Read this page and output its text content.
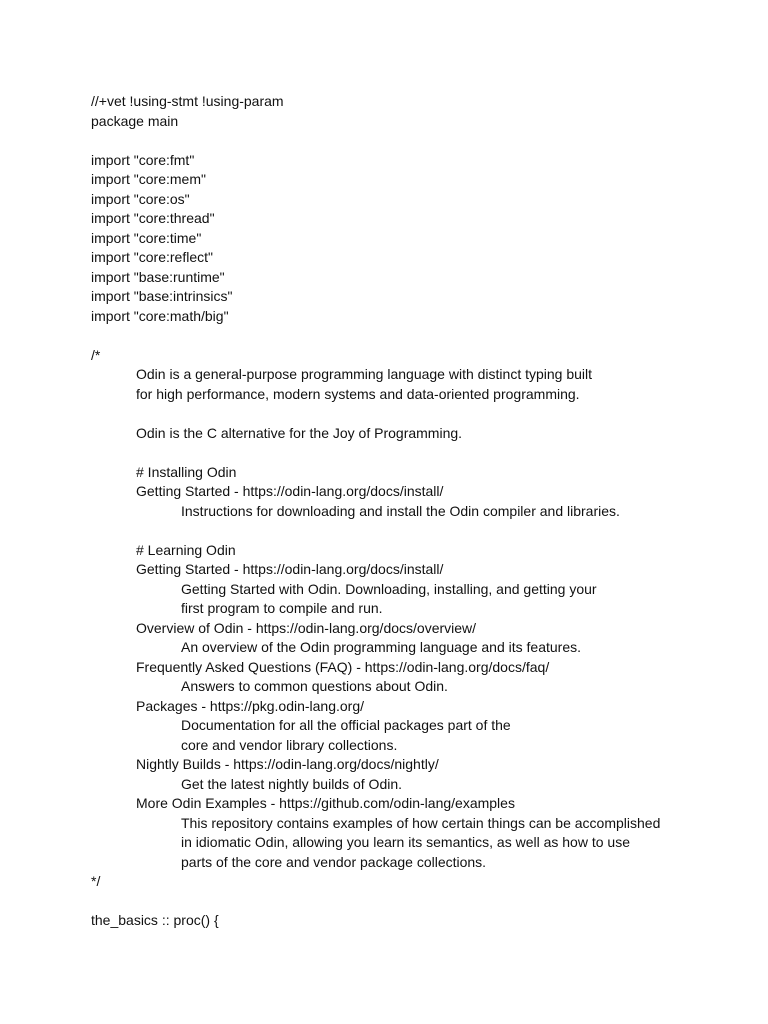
//+vet !using-stmt !using-param
package main
import "core:fmt"
import "core:mem"
import "core:os"
import "core:thread"
import "core:time"
import "core:reflect"
import "base:runtime"
import "base:intrinsics"
import "core:math/big"
/*
Odin is a general-purpose programming language with distinct typing built
for high performance, modern systems and data-oriented programming.
Odin is the C alternative for the Joy of Programming.
# Installing Odin
Getting Started - https://odin-lang.org/docs/install/
Instructions for downloading and install the Odin compiler and libraries.
# Learning Odin
Getting Started - https://odin-lang.org/docs/install/
Getting Started with Odin. Downloading, installing, and getting your
first program to compile and run.
Overview of Odin - https://odin-lang.org/docs/overview/
An overview of the Odin programming language and its features.
Frequently Asked Questions (FAQ) - https://odin-lang.org/docs/faq/
Answers to common questions about Odin.
Packages - https://pkg.odin-lang.org/
Documentation for all the official packages part of the
core and vendor library collections.
Nightly Builds - https://odin-lang.org/docs/nightly/
Get the latest nightly builds of Odin.
More Odin Examples - https://github.com/odin-lang/examples
This repository contains examples of how certain things can be accomplished
in idiomatic Odin, allowing you learn its semantics, as well as how to use
parts of the core and vendor package collections.
*/
the_basics :: proc() {
